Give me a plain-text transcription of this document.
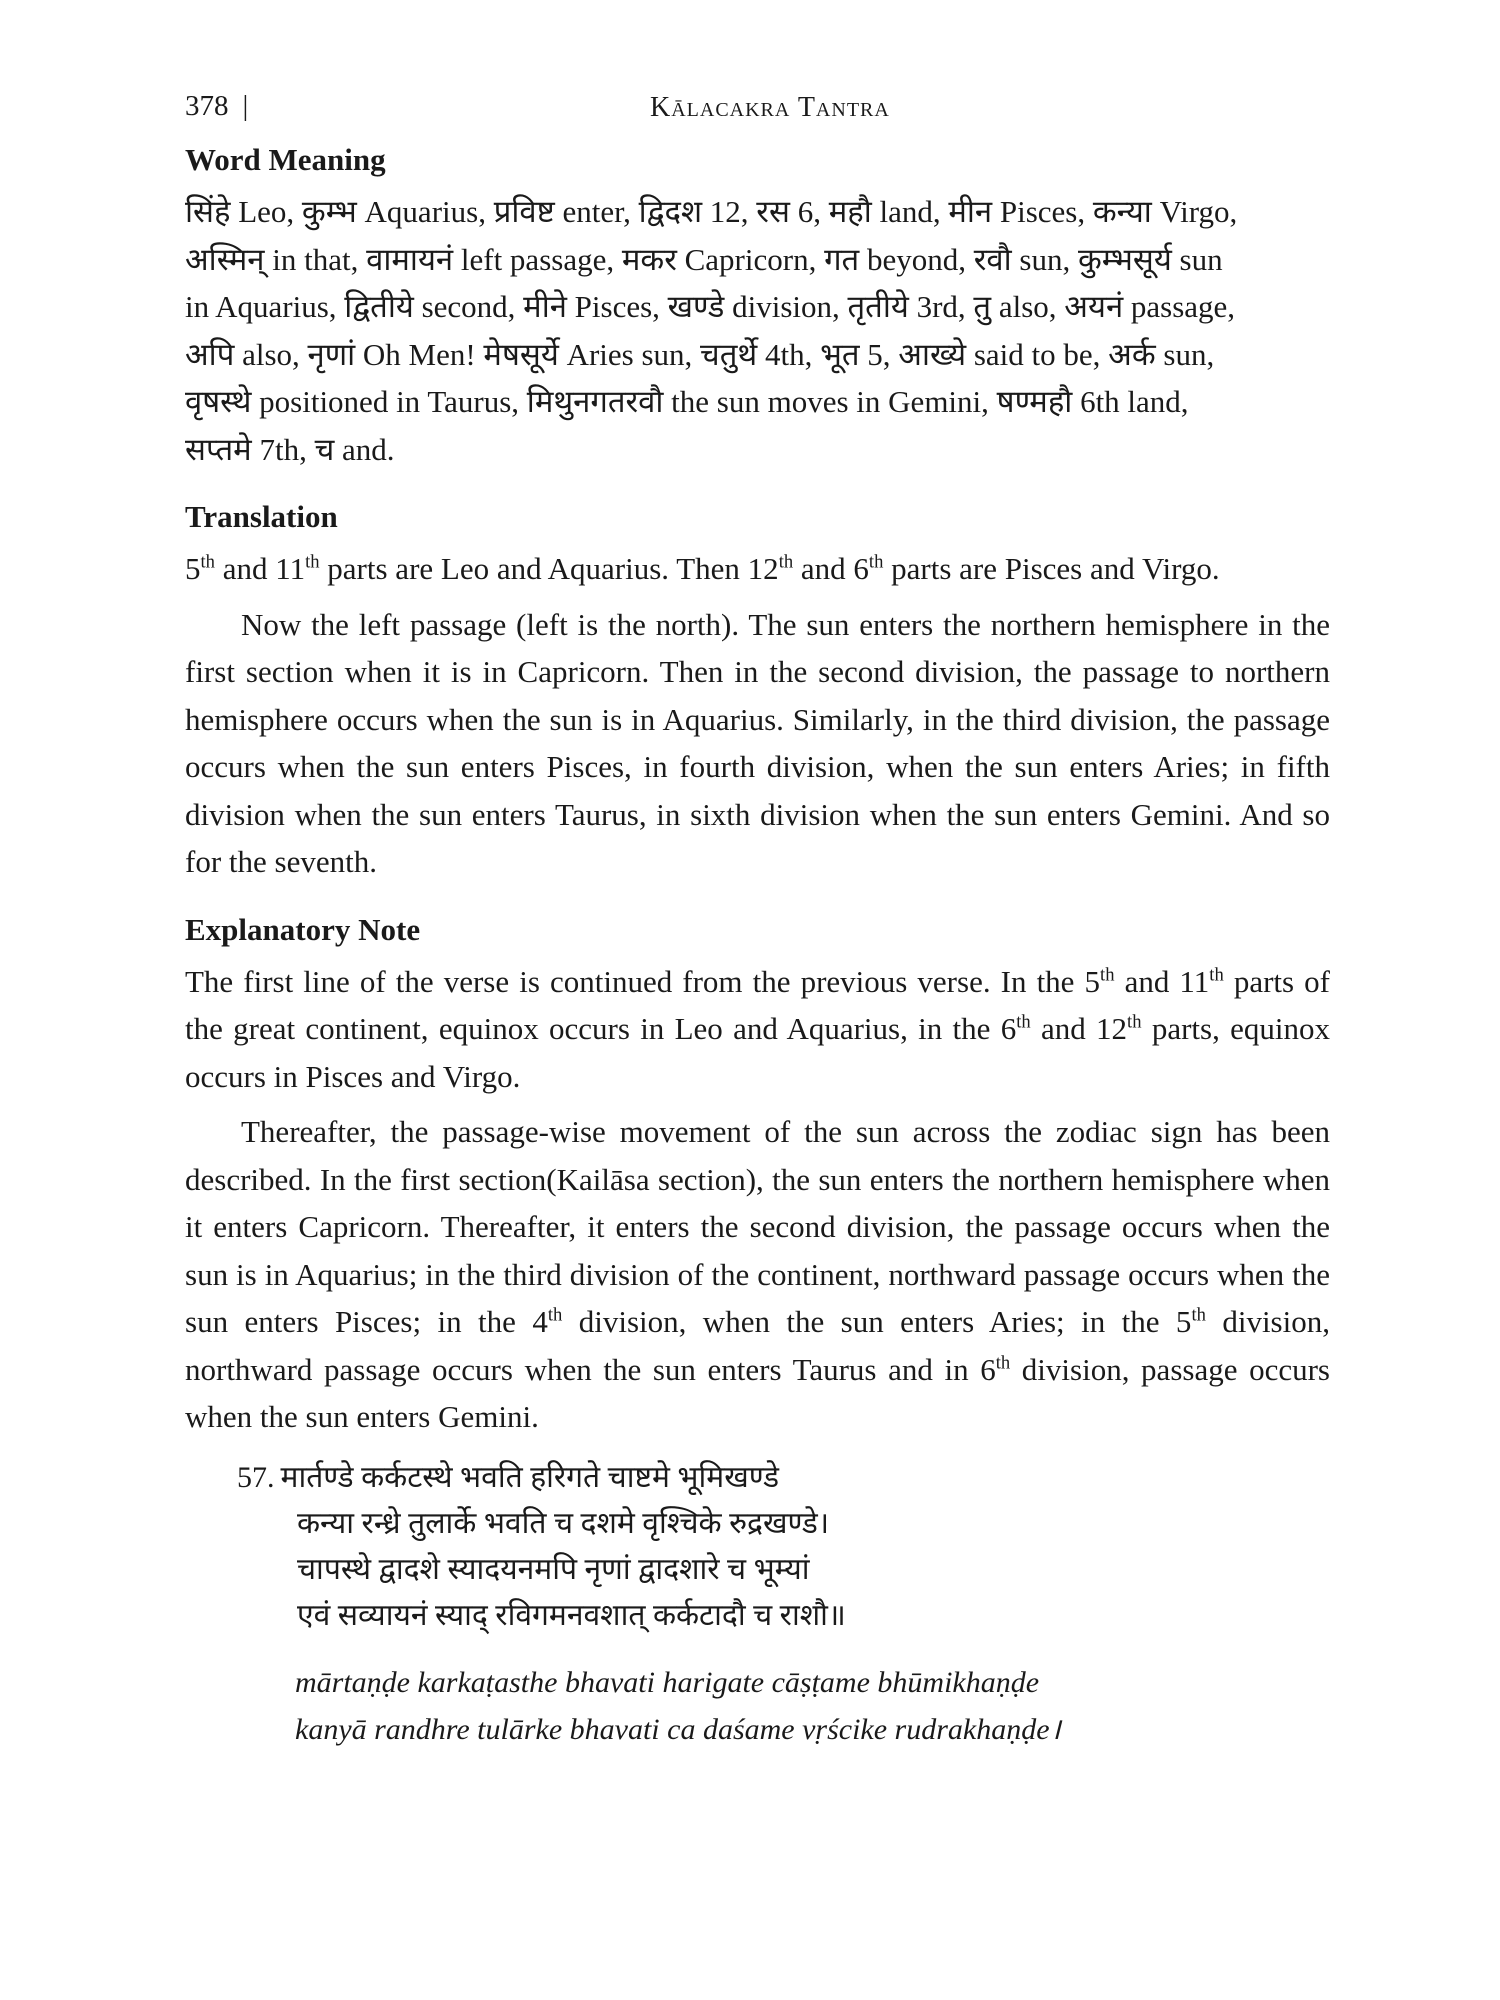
378 |	Kālacakra Tantra
Word Meaning

सिंहे Leo, कुम्भ Aquarius, प्रविष्ट enter, द्विदश 12, रस 6, महौ land, मीन Pisces, कन्या Virgo,

अस्मिन् in that, वामायनं left passage, मकर Capricorn, गत beyond, रवौ sun, कुम्भसूर्य sun

in Aquarius, द्वितीये second, मीने Pisces, खण्डे division, तृतीये 3rd, तु also, अयनं passage,

अपि also, नृणां Oh Men! मेषसूर्ये Aries sun, चतुर्थे 4th, भूत 5, आख्ये said to be, अर्क sun,

वृषस्थे positioned in Taurus, मिथुनगतरवौ the sun moves in Gemini, षण्महौ 6th land,

सप्तमे 7th, च and.

Translation

5th and 11th parts are Leo and Aquarius. Then 12th and 6th parts are Pisces and Virgo.

Now the left passage (left is the north). The sun enters the northern hemisphere in the first section when it is in Capricorn. Then in the second division, the passage to northern hemisphere occurs when the sun is in Aquarius. Similarly, in the third division, the passage occurs when the sun enters Pisces, in fourth division, when the sun enters Aries; in fifth division when the sun enters Taurus, in sixth division when the sun enters Gemini. And so for the seventh.

Explanatory Note

The first line of the verse is continued from the previous verse. In the 5th and 11th parts of the great continent, equinox occurs in Leo and Aquarius, in the 6th and 12th parts, equinox occurs in Pisces and Virgo.

Thereafter, the passage-wise movement of the sun across the zodiac sign has been described. In the first section(Kailāsa section), the sun enters the northern hemisphere when it enters Capricorn. Thereafter, it enters the second division, the passage occurs when the sun is in Aquarius; in the third division of the continent, northward passage occurs when the sun enters Pisces; in the 4th division, when the sun enters Aries; in the 5th division, northward passage occurs when the sun enters Taurus and in 6th division, passage occurs when the sun enters Gemini.

57. मार्तण्डे कर्कटस्थे भवति हरिगते चाष्टमे भूमिखण्डे
कन्या रन्ध्रे तुलार्के भवति च दशमे वृश्चिके रुद्रखण्डे।
चापस्थे द्वादशे स्यादयनमपि नृणां द्वादशारे च भूम्यां
एवं सव्यायनं स्याद् रविगमनवशात् कर्कटादौ च राशौ॥
mārtaṇḍe karkaṭasthe bhavati harigate cāṣṭame bhūmikhaṇḍe
kanyā randhre tulārke bhavati ca daśame vṛścike rudrakhaṇḍe।
